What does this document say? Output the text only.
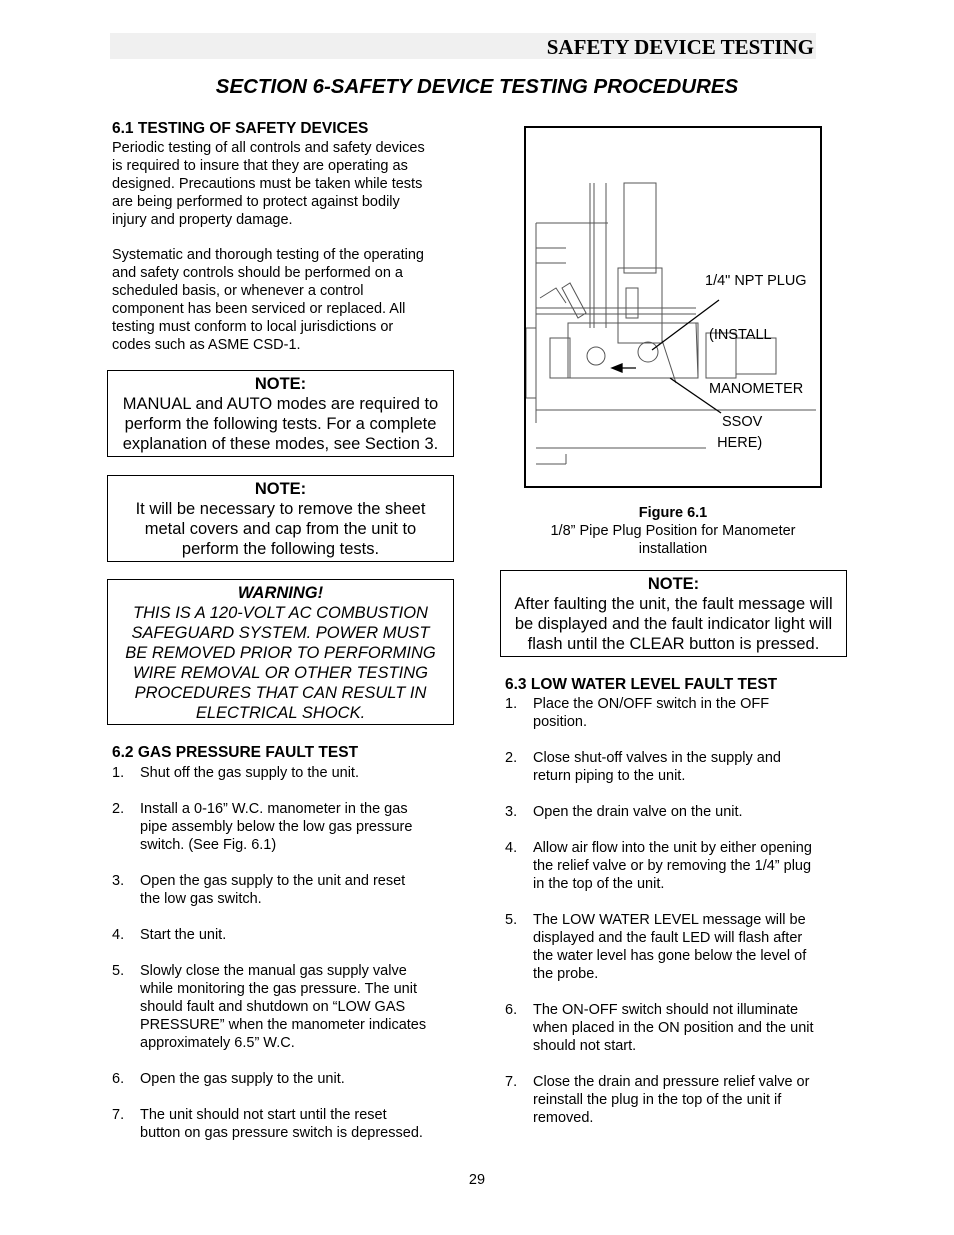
SAFETY DEVICE TESTING
SECTION 6-SAFETY DEVICE TESTING PROCEDURES
6.1 TESTING OF SAFETY DEVICES
Periodic testing of all controls and safety devices
is required to insure that they are operating as
designed. Precautions must be taken while tests
are being performed to protect against bodily
injury and property damage.
Systematic and thorough testing of the operating
and safety controls should be performed on a
scheduled basis, or whenever a control
component has been serviced or replaced. All
testing must conform to local jurisdictions or
codes such as ASME CSD-1.
NOTE:
MANUAL and AUTO modes are required to
perform the following tests. For a complete
explanation of these modes, see Section 3.
NOTE:
It will be necessary to remove the sheet
metal covers and cap from the unit to
perform the following tests.
WARNING!
THIS IS A 120-VOLT AC COMBUSTION
SAFEGUARD SYSTEM. POWER MUST
BE REMOVED PRIOR TO PERFORMING
WIRE REMOVAL OR OTHER TESTING
PROCEDURES THAT CAN RESULT IN
ELECTRICAL SHOCK.
6.2 GAS PRESSURE FAULT TEST
1. Shut off the gas supply to the unit.
2. Install a 0-16” W.C. manometer in the gas
pipe assembly below the low gas pressure
switch. (See Fig. 6.1)
3. Open the gas supply to the unit and reset
the low gas switch.
4. Start the unit.
5. Slowly close the manual gas supply valve
while monitoring the gas pressure. The unit
should fault and shutdown on “LOW GAS
PRESSURE” when the manometer indicates
approximately 6.5” W.C.
6. Open the gas supply to the unit.
7. The unit should not start until the reset
button on gas pressure switch is depressed.

1/4" NPT PLUG

(INSTALL

MANOMETER

HERE)

SSOV
Figure 6.1
1/8” Pipe Plug Position for Manometer
installation
NOTE:
After faulting the unit, the fault message will
be displayed and the fault indicator light will
flash until the CLEAR button is pressed.
6.3 LOW WATER LEVEL FAULT TEST
1. Place the ON/OFF switch in the OFF
position.
2. Close shut-off valves in the supply and
return piping to the unit.
3. Open the drain valve on the unit.
4. Allow air flow into the unit by either opening
the relief valve or by removing the 1/4” plug
in the top of the unit.
5. The LOW WATER LEVEL message will be
displayed and the fault LED will flash after
the water level has gone below the level of
the probe.
6. The ON-OFF switch should not illuminate
when placed in the ON position and the unit
should not start.
7. Close the drain and pressure relief valve or
reinstall the plug in the top of the unit if
removed.
29
